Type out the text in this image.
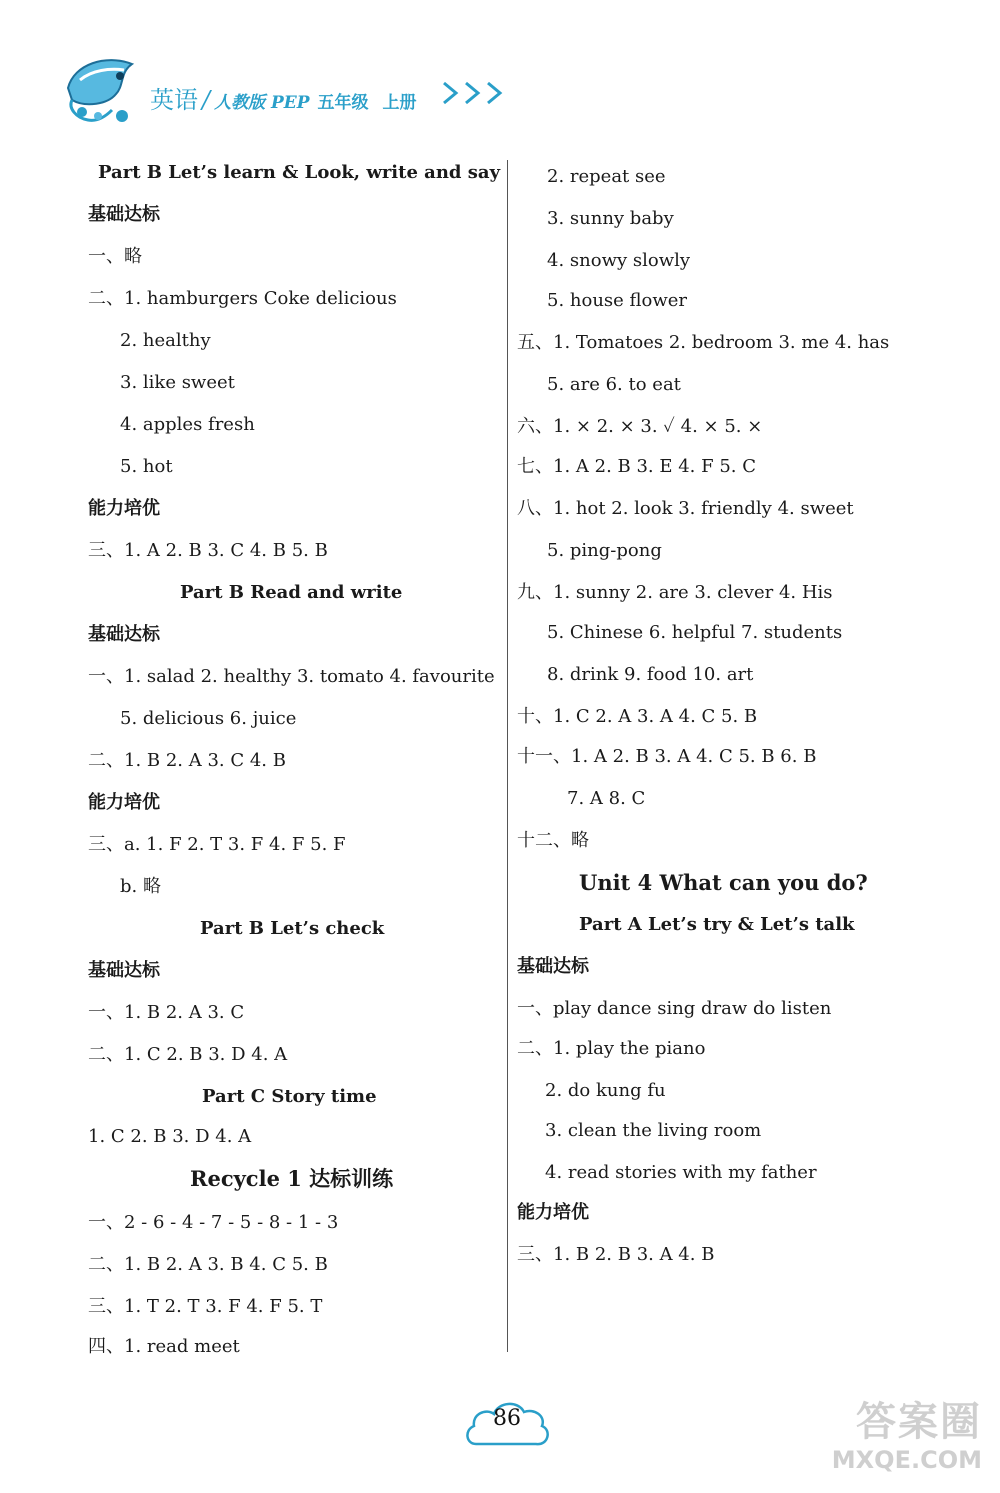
英语 / 人教版 PEP 五年级 上册
Part B Let’s learn & Look, write and say
基础达标
一、略
二、1. hamburgers Coke delicious
2. healthy
3. like sweet
4. apples fresh
5. hot
能力培优
三、1. A 2. B 3. C 4. B 5. B
Part B Read and write
基础达标
一、1. salad 2. healthy 3. tomato 4. favourite
5. delicious 6. juice
二、1. B 2. A 3. C 4. B
能力培优
三、a. 1. F 2. T 3. F 4. F 5. F
b. 略
Part B Let’s check
基础达标
一、1. B 2. A 3. C
二、1. C 2. B 3. D 4. A
Part C Story time
1. C 2. B 3. D 4. A
Recycle 1 达标训练
一、2 - 6 - 4 - 7 - 5 - 8 - 1 - 3
二、1. B 2. A 3. B 4. C 5. B
三、1. T 2. T 3. F 4. F 5. T
四、1. read meet
2. repeat see
3. sunny baby
4. snowy slowly
5. house flower
五、1. Tomatoes 2. bedroom 3. me 4. has
5. are 6. to eat
六、1. × 2. × 3. ✓ 4. × 5. ×
七、1. A 2. B 3. E 4. F 5. C
八、1. hot 2. look 3. friendly 4. sweet
5. ping-pong
九、1. sunny 2. are 3. clever 4. His
5. Chinese 6. helpful 7. students
8. drink 9. food 10. art
十、1. C 2. A 3. A 4. C 5. B
十一、1. A 2. B 3. A 4. C 5. B 6. B
7. A 8. C
十二、略
Unit 4 What can you do?
Part A Let’s try & Let’s talk
基础达标
一、play dance sing draw do listen
二、1. play the piano
2. do kung fu
3. clean the living room
4. read stories with my father
能力培优
三、1. B 2. B 3. A 4. B
86	答案圈
MXQE.COM
